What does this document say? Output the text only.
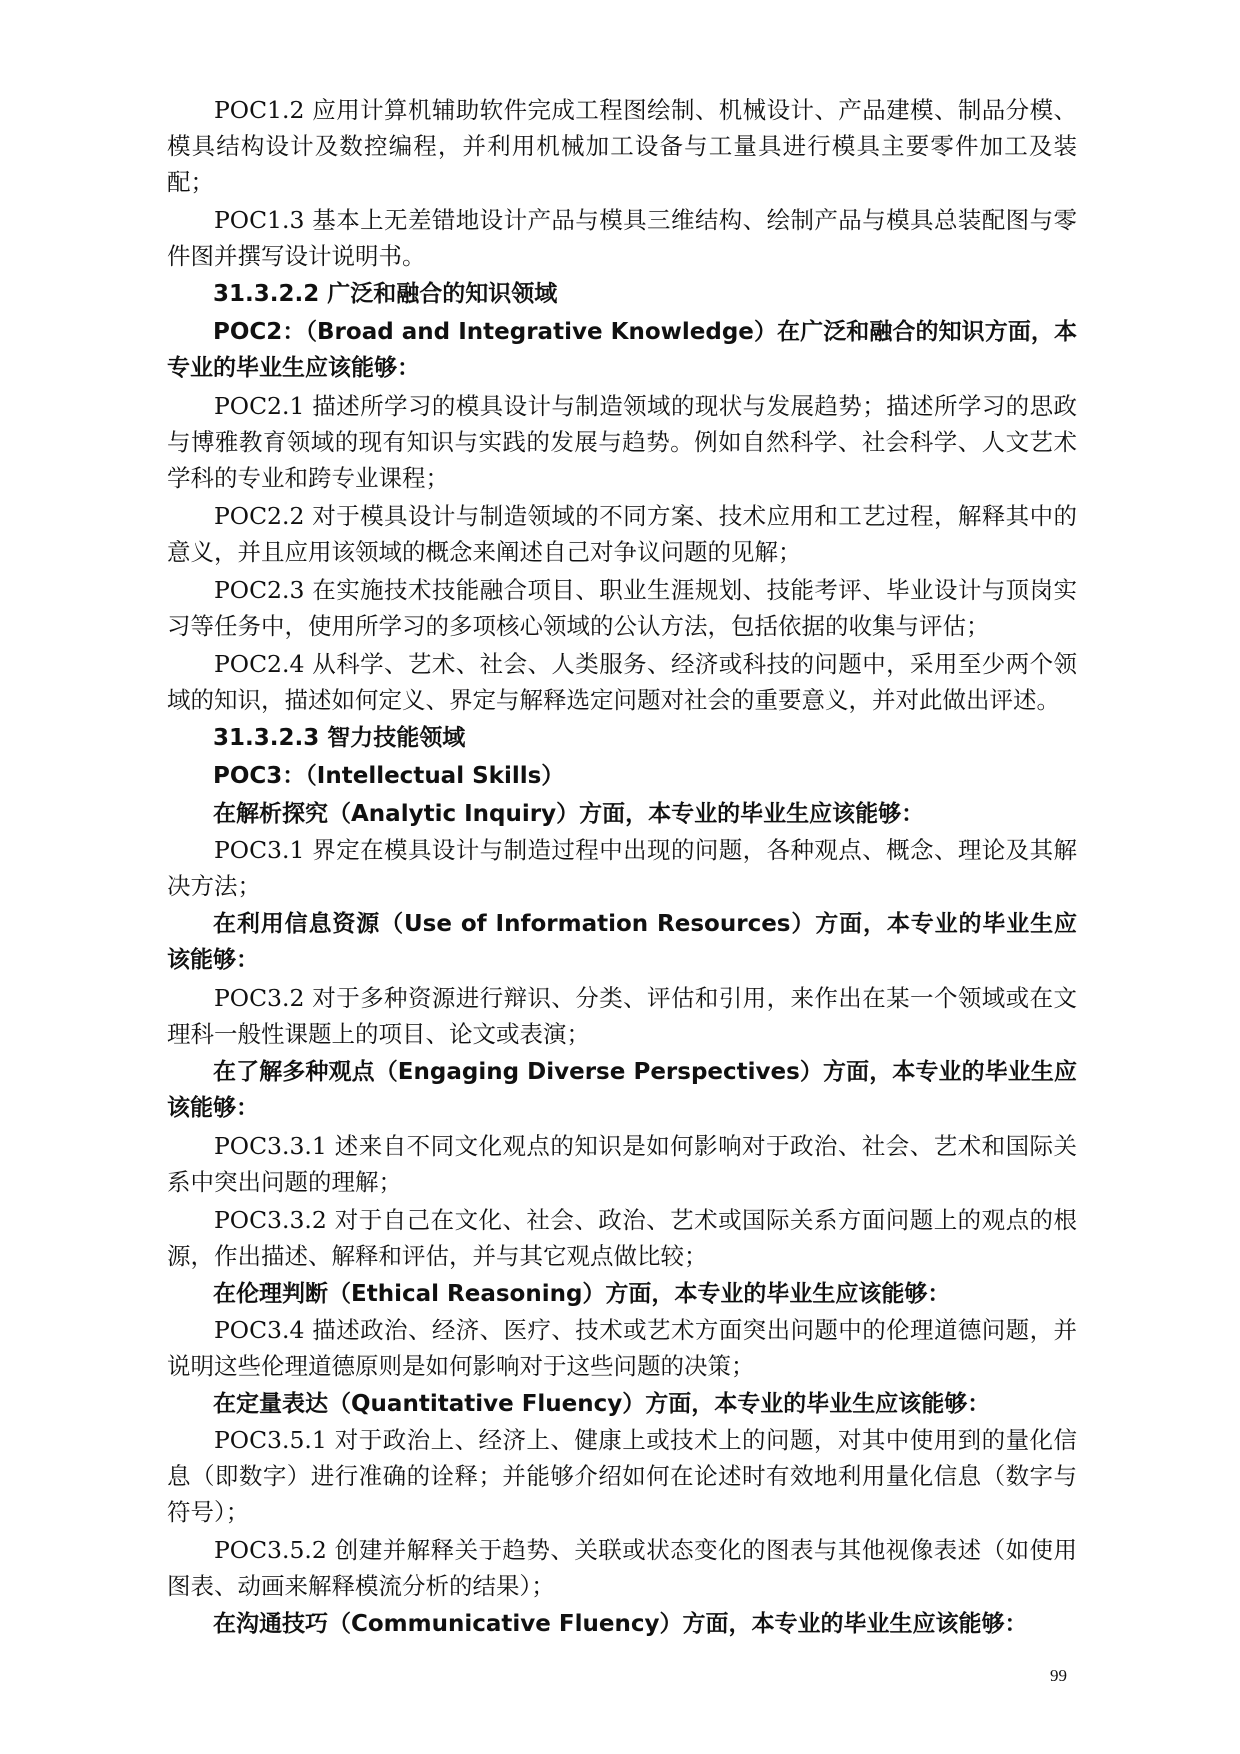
POC1.2 应用计算机辅助软件完成工程图绘制、机械设计、产品建模、制品分模、模具结构设计及数控编程，并利用机械加工设备与工量具进行模具主要零件加工及装配；

POC1.3 基本上无差错地设计产品与模具三维结构、绘制产品与模具总装配图与零件图并撰写设计说明书。

31.3.2.2 广泛和融合的知识领域

POC2：（Broad and Integrative Knowledge）在广泛和融合的知识方面，本专业的毕业生应该能够：

POC2.1 描述所学习的模具设计与制造领域的现状与发展趋势；描述所学习的思政与博雅教育领域的现有知识与实践的发展与趋势。例如自然科学、社会科学、人文艺术学科的专业和跨专业课程；

POC2.2 对于模具设计与制造领域的不同方案、技术应用和工艺过程，解释其中的意义，并且应用该领域的概念来阐述自己对争议问题的见解；

POC2.3 在实施技术技能融合项目、职业生涯规划、技能考评、毕业设计与顶岗实习等任务中，使用所学习的多项核心领域的公认方法，包括依据的收集与评估；

POC2.4 从科学、艺术、社会、人类服务、经济或科技的问题中，采用至少两个领域的知识，描述如何定义、界定与解释选定问题对社会的重要意义，并对此做出评述。

31.3.2.3 智力技能领域

POC3：（Intellectual Skills）

在解析探究（Analytic Inquiry）方面，本专业的毕业生应该能够：

POC3.1 界定在模具设计与制造过程中出现的问题，各种观点、概念、理论及其解决方法；

在利用信息资源（Use of Information Resources）方面，本专业的毕业生应该能够：

POC3.2 对于多种资源进行辩识、分类、评估和引用，来作出在某一个领域或在文理科一般性课题上的项目、论文或表演；

在了解多种观点（Engaging Diverse Perspectives）方面，本专业的毕业生应该能够：

POC3.3.1 述来自不同文化观点的知识是如何影响对于政治、社会、艺术和国际关系中突出问题的理解；

POC3.3.2 对于自己在文化、社会、政治、艺术或国际关系方面问题上的观点的根源，作出描述、解释和评估，并与其它观点做比较；

在伦理判断（Ethical Reasoning）方面，本专业的毕业生应该能够：

POC3.4 描述政治、经济、医疗、技术或艺术方面突出问题中的伦理道德问题，并说明这些伦理道德原则是如何影响对于这些问题的决策；

在定量表达（Quantitative Fluency）方面，本专业的毕业生应该能够：

POC3.5.1 对于政治上、经济上、健康上或技术上的问题，对其中使用到的量化信息（即数字）进行准确的诠释；并能够介绍如何在论述时有效地利用量化信息（数字与符号）；

POC3.5.2 创建并解释关于趋势、关联或状态变化的图表与其他视像表述（如使用图表、动画来解释模流分析的结果）；

在沟通技巧（Communicative Fluency）方面，本专业的毕业生应该能够：

99
